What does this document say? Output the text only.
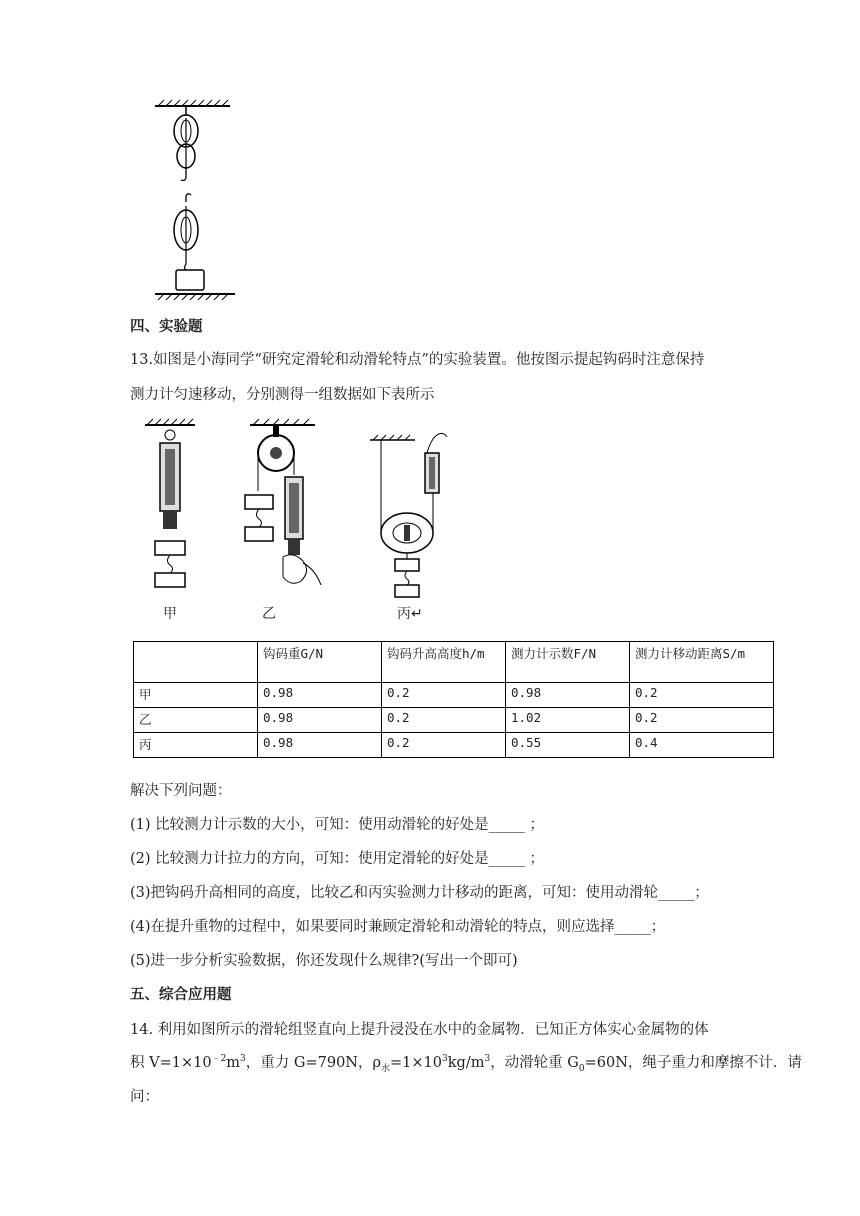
四、实验题
13.如图是小海同学“研究定滑轮和动滑轮特点”的实验装置。他按图示提起钩码时注意保持
测力计匀速移动，分别测得一组数据如下表所示
甲	乙	丙↵
	钩码重G/N	钩码升高高度h/m	测力计示数F/N	测力计移动距离S/m
甲	0.98	0.2	0.98	0.2
乙	0.98	0.2	1.02	0.2
丙	0.98	0.2	0.55	0.4
解决下列问题：
(1) 比较测力计示数的大小，可知：使用动滑轮的好处是_____ ；
(2) 比较测力计拉力的方向，可知：使用定滑轮的好处是_____ ；
(3)把钩码升高相同的高度，比较乙和丙实验测力计移动的距离，可知：使用动滑轮_____；
(4)在提升重物的过程中，如果要同时兼顾定滑轮和动滑轮的特点，则应选择_____；
(5)进一步分析实验数据，你还发现什么规律?(写出一个即可)
五、综合应用题
14. 利用如图所示的滑轮组竖直向上提升浸没在水中的金属物．已知正方体实心金属物的体
积 $V=1\times 10^{﹣2}m^3$，重力 G=790N，$\rho_水=1\times 10^3kg/m^3$，动滑轮重 $G_0=60N$，绳子重力和摩擦不计．请
问：
